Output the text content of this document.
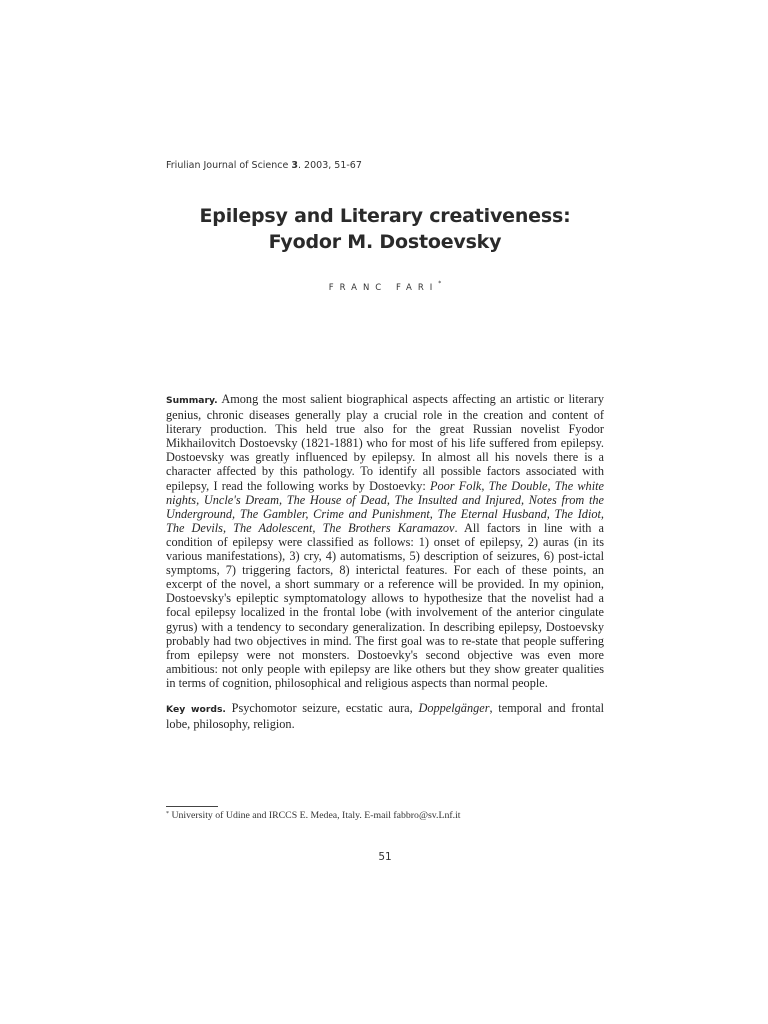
Friulian Journal of Science 3. 2003, 51-67
Epilepsy and Literary creativeness:
Fyodor M. Dostoevsky
FRANC FARI*
Summary. Among the most salient biographical aspects affecting an artistic or literary genius, chronic diseases generally play a crucial role in the creation and content of literary production. This held true also for the great Russian novelist Fyodor Mikhailovitch Dostoevsky (1821-1881) who for most of his life suffered from epilepsy. Dostoevsky was greatly influenced by epilepsy. In almost all his novels there is a character affected by this pathology. To identify all possible factors associated with epilepsy, I read the following works by Dostoevky: Poor Folk, The Double, The white nights, Uncle's Dream, The House of Dead, The Insulted and Injured, Notes from the Underground, The Gambler, Crime and Punishment, The Eternal Husband, The Idiot, The Devils, The Adolescent, The Brothers Karamazov. All factors in line with a condition of epilepsy were classified as follows: 1) onset of epilepsy, 2) auras (in its various manifestations), 3) cry, 4) automatisms, 5) description of seizures, 6) post-ictal symptoms, 7) triggering factors, 8) interictal features. For each of these points, an excerpt of the novel, a short summary or a reference will be provided. In my opinion, Dostoevsky's epileptic symptomatology allows to hypothesize that the novelist had a focal epilepsy localized in the frontal lobe (with involvement of the anterior cingulate gyrus) with a tendency to secondary generalization. In describing epilepsy, Dostoevsky probably had two objectives in mind. The first goal was to re-state that people suffering from epilepsy were not monsters. Dostoevky's second objective was even more ambitious: not only people with epilepsy are like others but they show greater qualities in terms of cognition, philosophical and religious aspects than normal people.
Key words. Psychomotor seizure, ecstatic aura, Doppelgänger, temporal and frontal lobe, philosophy, religion.
* University of Udine and IRCCS E. Medea, Italy. E-mail fabbro@sv.Lnf.it
51
